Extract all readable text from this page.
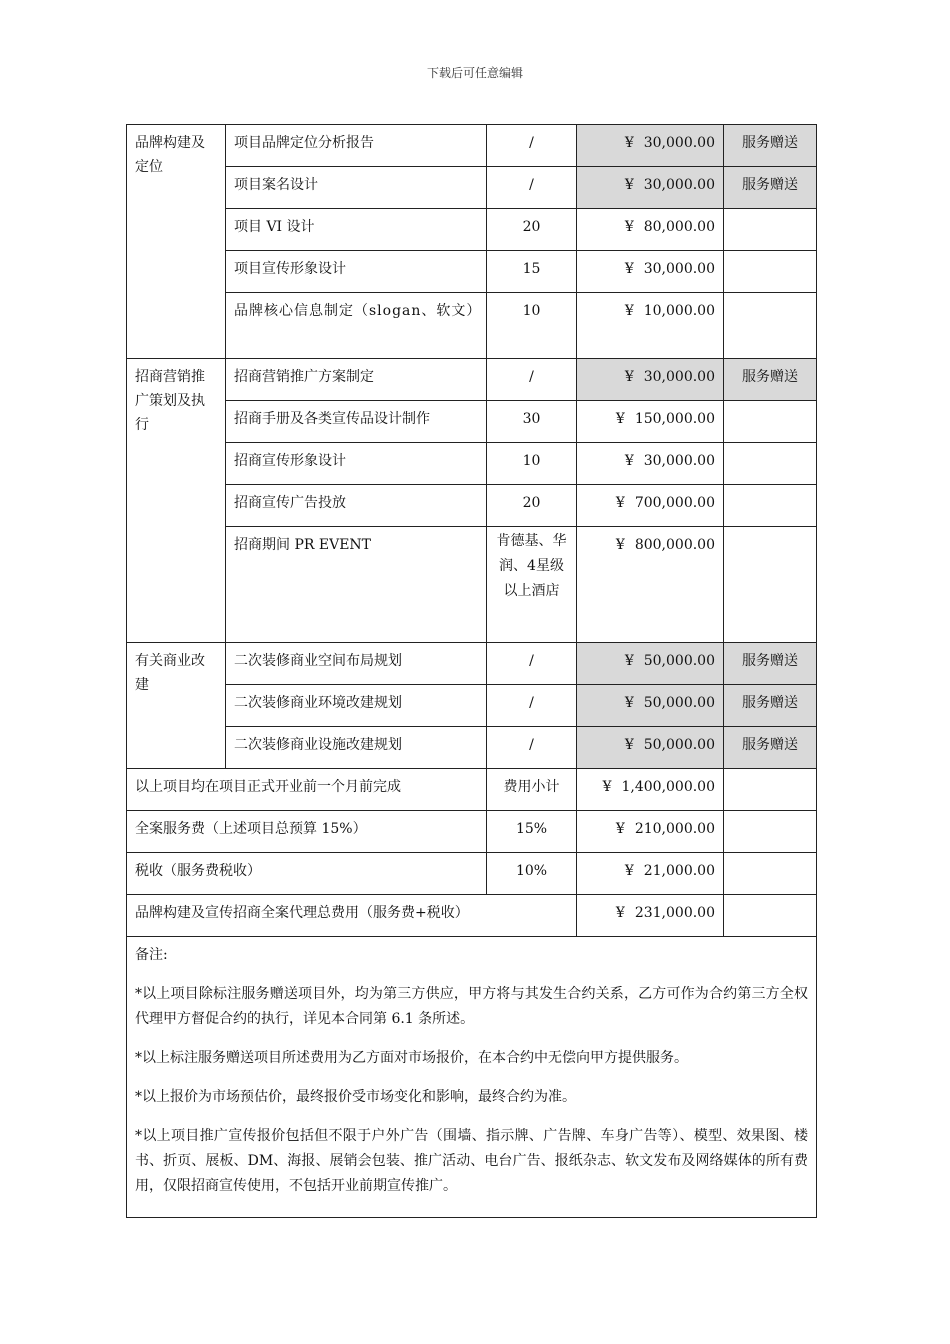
下载后可任意编辑
品牌构建及定位	项目品牌定位分析报告	/	¥ 30,000.00	服务赠送
	项目案名设计	/	¥ 30,000.00	服务赠送
	项目 VI 设计	20	¥ 80,000.00	
	项目宣传形象设计	15	¥ 30,000.00	
	品牌核心信息制定（slogan、软文）	10	¥ 10,000.00	
招商营销推广策划及执行	招商营销推广方案制定	/	¥ 30,000.00	服务赠送
	招商手册及各类宣传品设计制作	30	¥ 150,000.00	
	招商宣传形象设计	10	¥ 30,000.00	
	招商宣传广告投放	20	¥ 700,000.00	
	招商期间 PR EVENT	肯德基、华润、4星级以上酒店	¥ 800,000.00	
有关商业改建	二次装修商业空间布局规划	/	¥ 50,000.00	服务赠送
	二次装修商业环境改建规划	/	¥ 50,000.00	服务赠送
	二次装修商业设施改建规划	/	¥ 50,000.00	服务赠送
以上项目均在项目正式开业前一个月前完成		费用小计	¥ 1,400,000.00	
全案服务费（上述项目总预算 15%）		15%	¥ 210,000.00	
税收（服务费税收）		10%	¥ 21,000.00	
品牌构建及宣传招商全案代理总费用（服务费+税收）			¥ 231,000.00	

备注:

*以上项目除标注服务赠送项目外，均为第三方供应，甲方将与其发生合约关系，乙方可作为合约第三方全权代理甲方督促合约的执行，详见本合同第 6.1 条所述。

*以上标注服务赠送项目所述费用为乙方面对市场报价，在本合约中无偿向甲方提供服务。

*以上报价为市场预估价，最终报价受市场变化和影响，最终合约为准。

*以上项目推广宣传报价包括但不限于户外广告（围墙、指示牌、广告牌、车身广告等）、模型、效果图、楼书、折页、展板、DM、海报、展销会包装、推广活动、电台广告、报纸杂志、软文发布及网络媒体的所有费用，仅限招商宣传使用，不包括开业前期宣传推广。				
